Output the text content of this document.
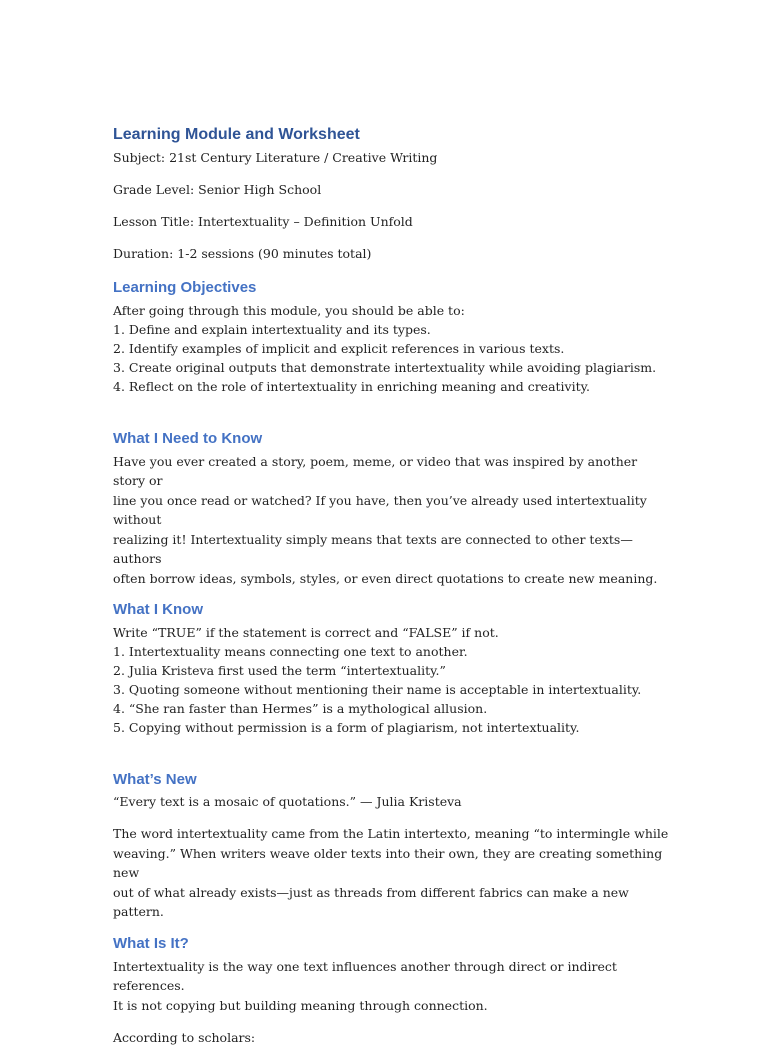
Learning Module and Worksheet

Subject: 21st Century Literature / Creative Writing

Grade Level: Senior High School

Lesson Title: Intertextuality – Definition Unfold

Duration: 1-2 sessions (90 minutes total)

Learning Objectives

After going through this module, you should be able to:

1. Define and explain intertextuality and its types.

2. Identify examples of implicit and explicit references in various texts.

3. Create original outputs that demonstrate intertextuality while avoiding plagiarism.

4. Reflect on the role of intertextuality in enriching meaning and creativity.

What I Need to Know

Have you ever created a story, poem, meme, or video that was inspired by another story or

line you once read or watched? If you have, then you’ve already used intertextuality without

realizing it! Intertextuality simply means that texts are connected to other texts—authors

often borrow ideas, symbols, styles, or even direct quotations to create new meaning.

What I Know

Write “TRUE” if the statement is correct and “FALSE” if not.

1. Intertextuality means connecting one text to another.

2. Julia Kristeva first used the term “intertextuality.”

3. Quoting someone without mentioning their name is acceptable in intertextuality.

4. “She ran faster than Hermes” is a mythological allusion.

5. Copying without permission is a form of plagiarism, not intertextuality.

What’s New

“Every text is a mosaic of quotations.” — Julia Kristeva

The word intertextuality came from the Latin intertexto, meaning “to intermingle while

weaving.” When writers weave older texts into their own, they are creating something new

out of what already exists—just as threads from different fabrics can make a new pattern.

What Is It?

Intertextuality is the way one text influences another through direct or indirect references.

It is not copying but building meaning through connection.

According to scholars:
